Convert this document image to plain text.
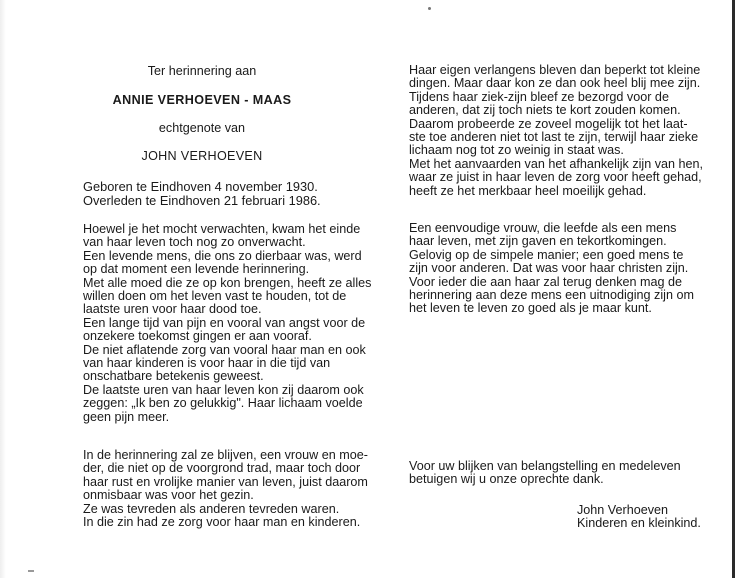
Ter herinnering aan
ANNIE VERHOEVEN - MAAS
echtgenote van
JOHN VERHOEVEN

Geboren te Eindhoven 4 november 1930.

Overleden te Eindhoven 21 februari 1986.

Hoewel je het mocht verwachten, kwam het einde

van haar leven toch nog zo onverwacht.

Een levende mens, die ons zo dierbaar was, werd

op dat moment een levende herinnering.

Met alle moed die ze op kon brengen, heeft ze alles

willen doen om het leven vast te houden, tot de

laatste uren voor haar dood toe.

Een lange tijd van pijn en vooral van angst voor de

onzekere toekomst gingen er aan vooraf.

De niet aflatende zorg van vooral haar man en ook

van haar kinderen is voor haar in die tijd van

onschatbare betekenis geweest.

De laatste uren van haar leven kon zij daarom ook

zeggen: „Ik ben zo gelukkig". Haar lichaam voelde

geen pijn meer.

In de herinnering zal ze blijven, een vrouw en moe-

der, die niet op de voorgrond trad, maar toch door

haar rust en vrolijke manier van leven, juist daarom

onmisbaar was voor het gezin.

Ze was tevreden als anderen tevreden waren.

In die zin had ze zorg voor haar man en kinderen.

Haar eigen verlangens bleven dan beperkt tot kleine

dingen. Maar daar kon ze dan ook heel blij mee zijn.

Tijdens haar ziek-zijn bleef ze bezorgd voor de

anderen, dat zij toch niets te kort zouden komen.

Daarom probeerde ze zoveel mogelijk tot het laat-

ste toe anderen niet tot last te zijn, terwijl haar zieke

lichaam nog tot zo weinig in staat was.

Met het aanvaarden van het afhankelijk zijn van hen,

waar ze juist in haar leven de zorg voor heeft gehad,

heeft ze het merkbaar heel moeilijk gehad.

Een eenvoudige vrouw, die leefde als een mens

haar leven, met zijn gaven en tekortkomingen.

Gelovig op de simpele manier; een goed mens te

zijn voor anderen. Dat was voor haar christen zijn.

Voor ieder die aan haar zal terug denken mag de

herinnering aan deze mens een uitnodiging zijn om

het leven te leven zo goed als je maar kunt.

Voor uw blijken van belangstelling en medeleven

betuigen wij u onze oprechte dank.

John Verhoeven

Kinderen en kleinkind.
